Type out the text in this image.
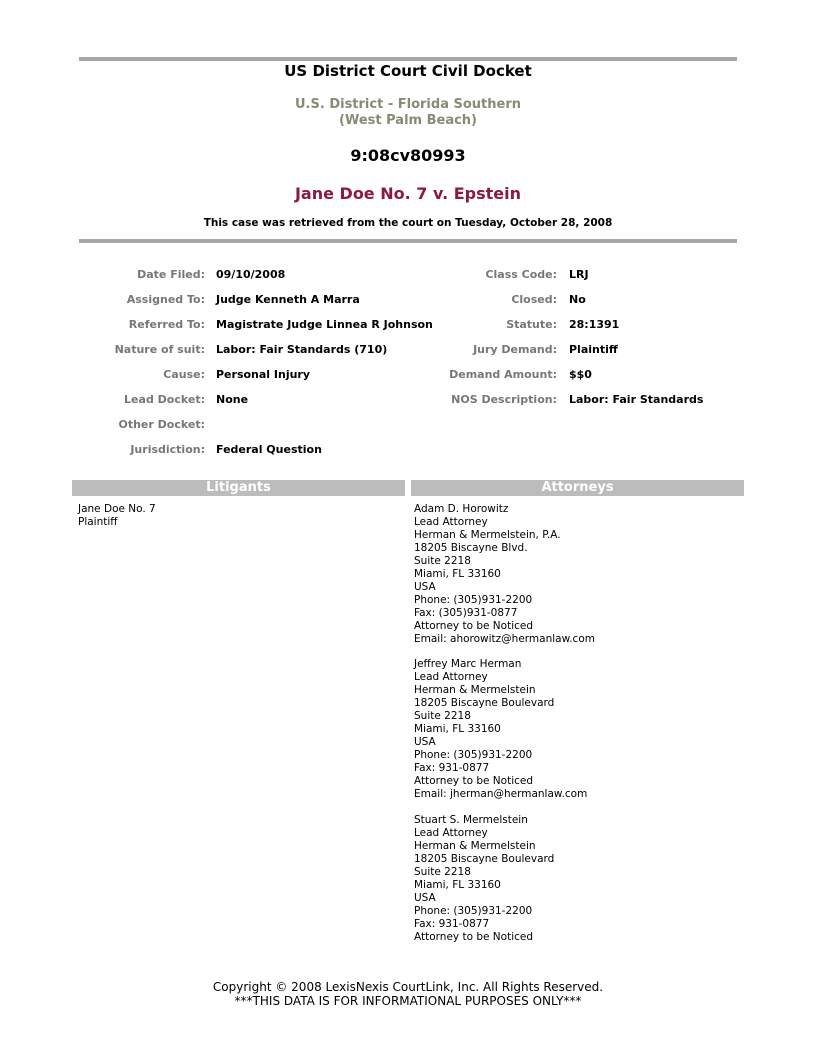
US District Court Civil Docket
U.S. District - Florida Southern
(West Palm Beach)
9:08cv80993
Jane Doe No. 7 v. Epstein
This case was retrieved from the court on Tuesday, October 28, 2008
Date Filed: 09/10/2008
Assigned To: Judge Kenneth A Marra
Referred To: Magistrate Judge Linnea R Johnson
Nature of suit: Labor: Fair Standards (710)
Cause: Personal Injury
Lead Docket: None
Other Docket:
Jurisdiction: Federal Question
Class Code: LRJ
Closed: No
Statute: 28:1391
Jury Demand: Plaintiff
Demand Amount: $$0
NOS Description: Labor: Fair Standards
Litigants	Attorneys
Jane Doe No. 7
Plaintiff
Adam D. Horowitz
Lead Attorney
Herman & Mermelstein, P.A.
18205 Biscayne Blvd.
Suite 2218
Miami, FL 33160
USA
Phone: (305)931-2200
Fax: (305)931-0877
Attorney to be Noticed
Email: ahorowitz@hermanlaw.com
Jeffrey Marc Herman
Lead Attorney
Herman & Mermelstein
18205 Biscayne Boulevard
Suite 2218
Miami, FL 33160
USA
Phone: (305)931-2200
Fax: 931-0877
Attorney to be Noticed
Email: jherman@hermanlaw.com
Stuart S. Mermelstein
Lead Attorney
Herman & Mermelstein
18205 Biscayne Boulevard
Suite 2218
Miami, FL 33160
USA
Phone: (305)931-2200
Fax: 931-0877
Attorney to be Noticed
Copyright © 2008 LexisNexis CourtLink, Inc. All Rights Reserved.
***THIS DATA IS FOR INFORMATIONAL PURPOSES ONLY***
